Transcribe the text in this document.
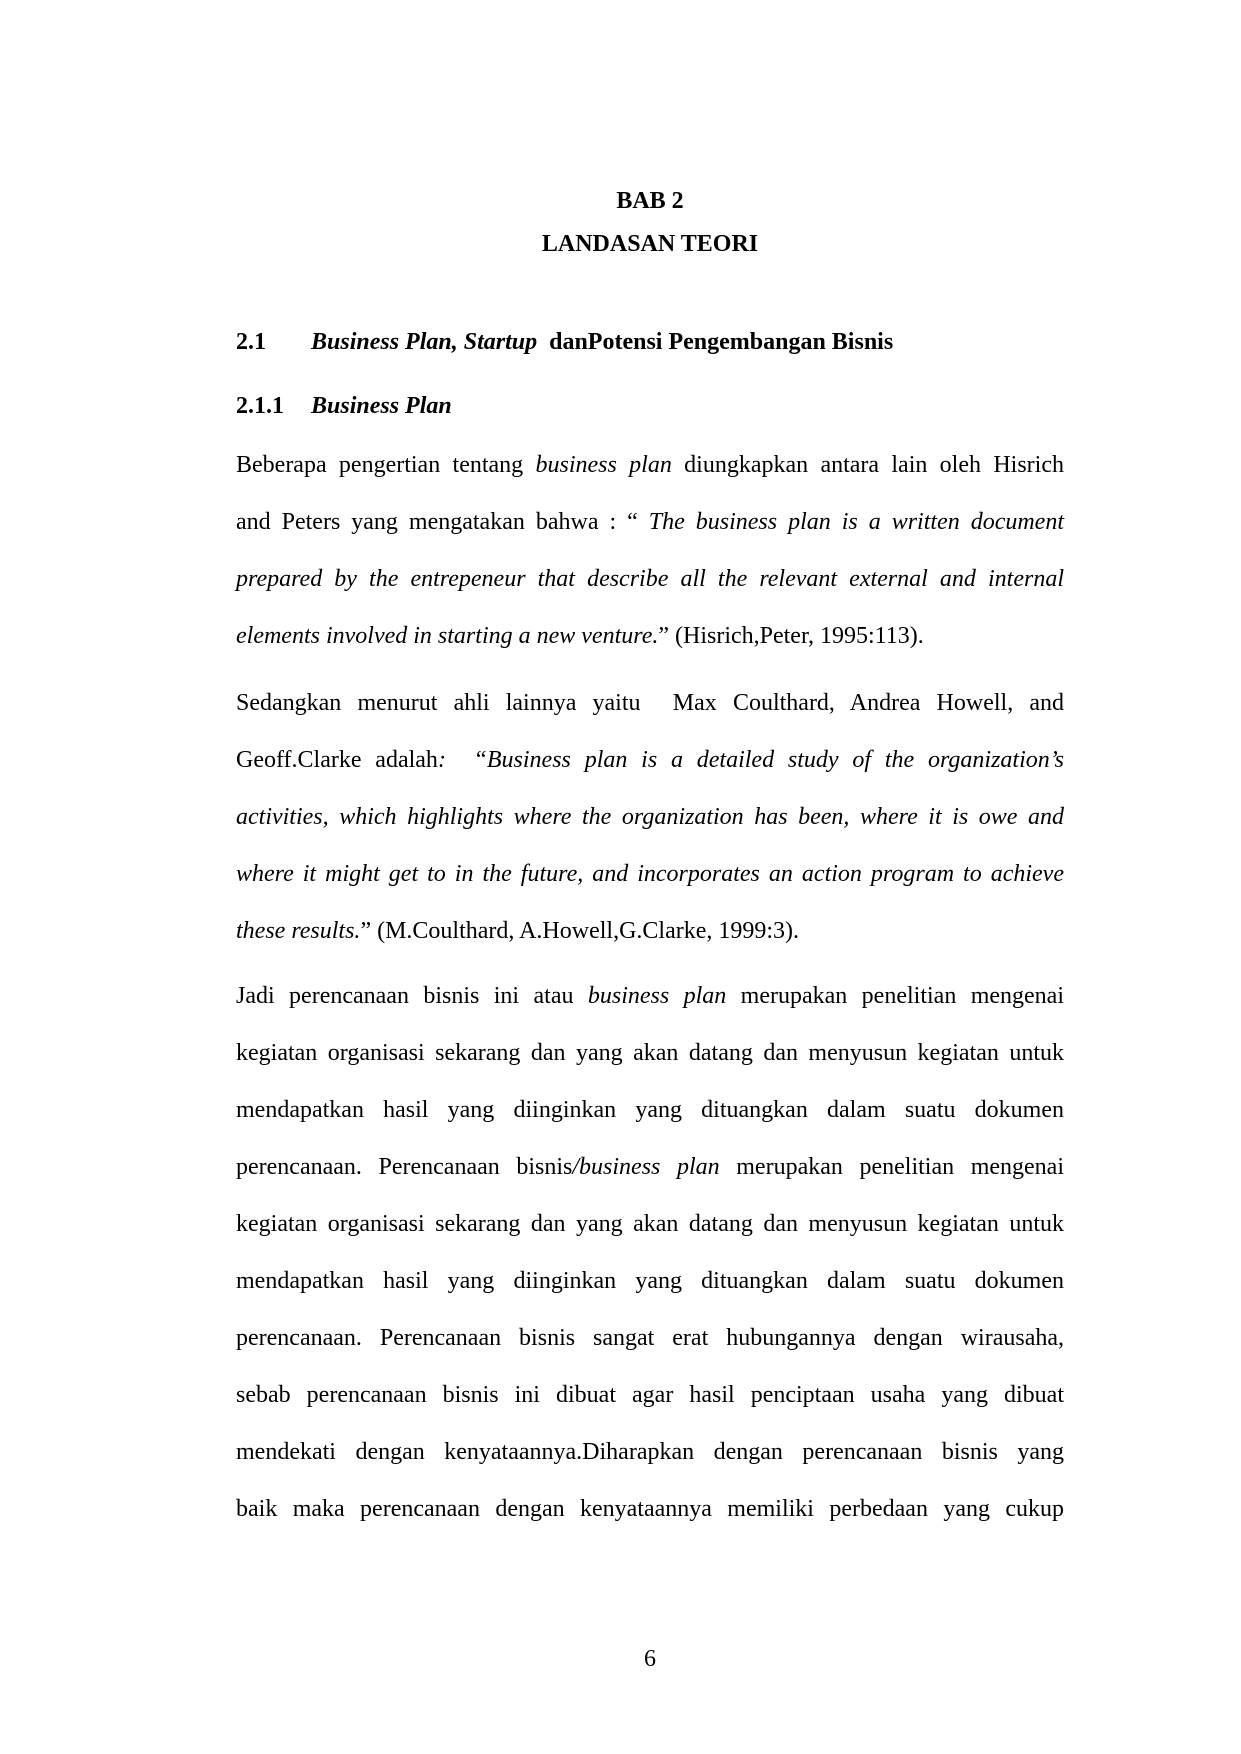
BAB 2
LANDASAN TEORI
2.1 Business Plan, Startup  danPotensi Pengembangan Bisnis
2.1.1 Business Plan
Beberapa pengertian tentang business plan diungkapkan antara lain oleh Hisrich
and Peters yang mengatakan bahwa : “ The business plan is a written document
prepared by the entrepeneur that describe all the relevant external and internal
elements involved in starting a new venture.” (Hisrich,Peter, 1995:113).
Sedangkan menurut ahli lainnya yaitu  Max Coulthard, Andrea Howell, and
Geoff.Clarke adalah:  “Business plan is a detailed study of the organization’s
activities, which highlights where the organization has been, where it is owe and
where it might get to in the future, and incorporates an action program to achieve
these results.” (M.Coulthard, A.Howell,G.Clarke, 1999:3).
Jadi perencanaan bisnis ini atau business plan merupakan penelitian mengenai
kegiatan organisasi sekarang dan yang akan datang dan menyusun kegiatan untuk
mendapatkan hasil yang diinginkan yang dituangkan dalam suatu dokumen
perencanaan. Perencanaan bisnis/business plan merupakan penelitian mengenai
kegiatan organisasi sekarang dan yang akan datang dan menyusun kegiatan untuk
mendapatkan hasil yang diinginkan yang dituangkan dalam suatu dokumen
perencanaan. Perencanaan bisnis sangat erat hubungannya dengan wirausaha,
sebab perencanaan bisnis ini dibuat agar hasil penciptaan usaha yang dibuat
mendekati dengan kenyataannya.Diharapkan dengan perencanaan bisnis yang
baik maka perencanaan dengan kenyataannya memiliki perbedaan yang cukup
6
